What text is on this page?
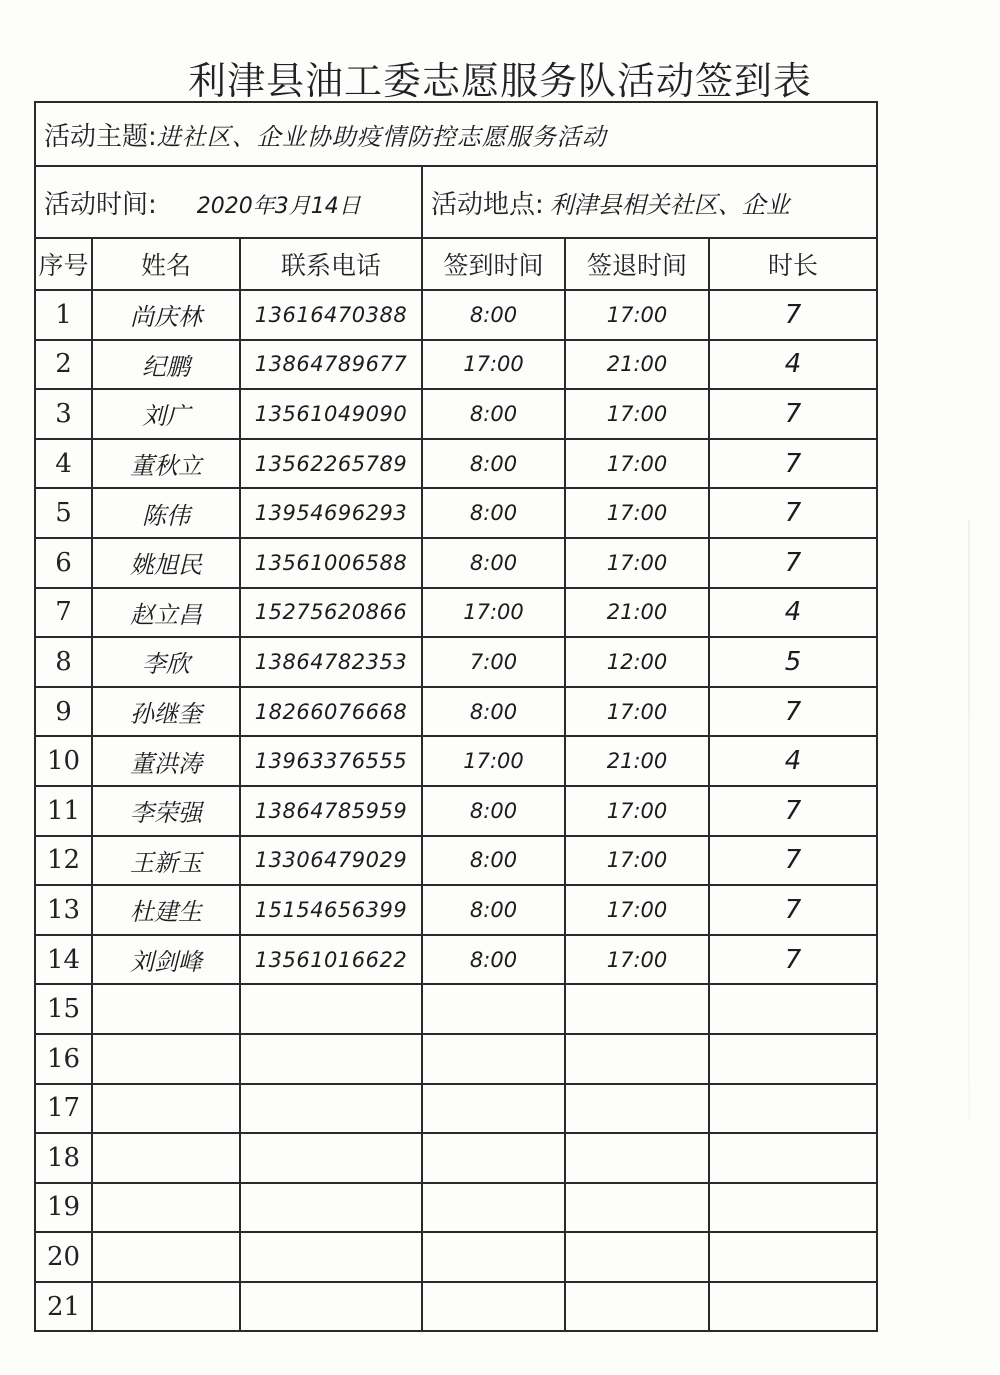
利津县油工委志愿服务队活动签到表
活动主题:进社区、企业协助疫情防控志愿服务活动					
活动时间: 2020年3月14日			活动地点: 利津县相关社区、企业		
序号	姓名	联系电话	签到时间	签退时间	时长
1	尚庆林	13616470388	8:00	17:00	7
2	纪鹏	13864789677	17:00	21:00	4
3	刘广	13561049090	8:00	17:00	7
4	董秋立	13562265789	8:00	17:00	7
5	陈伟	13954696293	8:00	17:00	7
6	姚旭民	13561006588	8:00	17:00	7
7	赵立昌	15275620866	17:00	21:00	4
8	李欣	13864782353	7:00	12:00	5
9	孙继奎	18266076668	8:00	17:00	7
10	董洪涛	13963376555	17:00	21:00	4
11	李荣强	13864785959	8:00	17:00	7
12	王新玉	13306479029	8:00	17:00	7
13	杜建生	15154656399	8:00	17:00	7
14	刘剑峰	13561016622	8:00	17:00	7
15					
16					
17					
18					
19					
20					
21					
